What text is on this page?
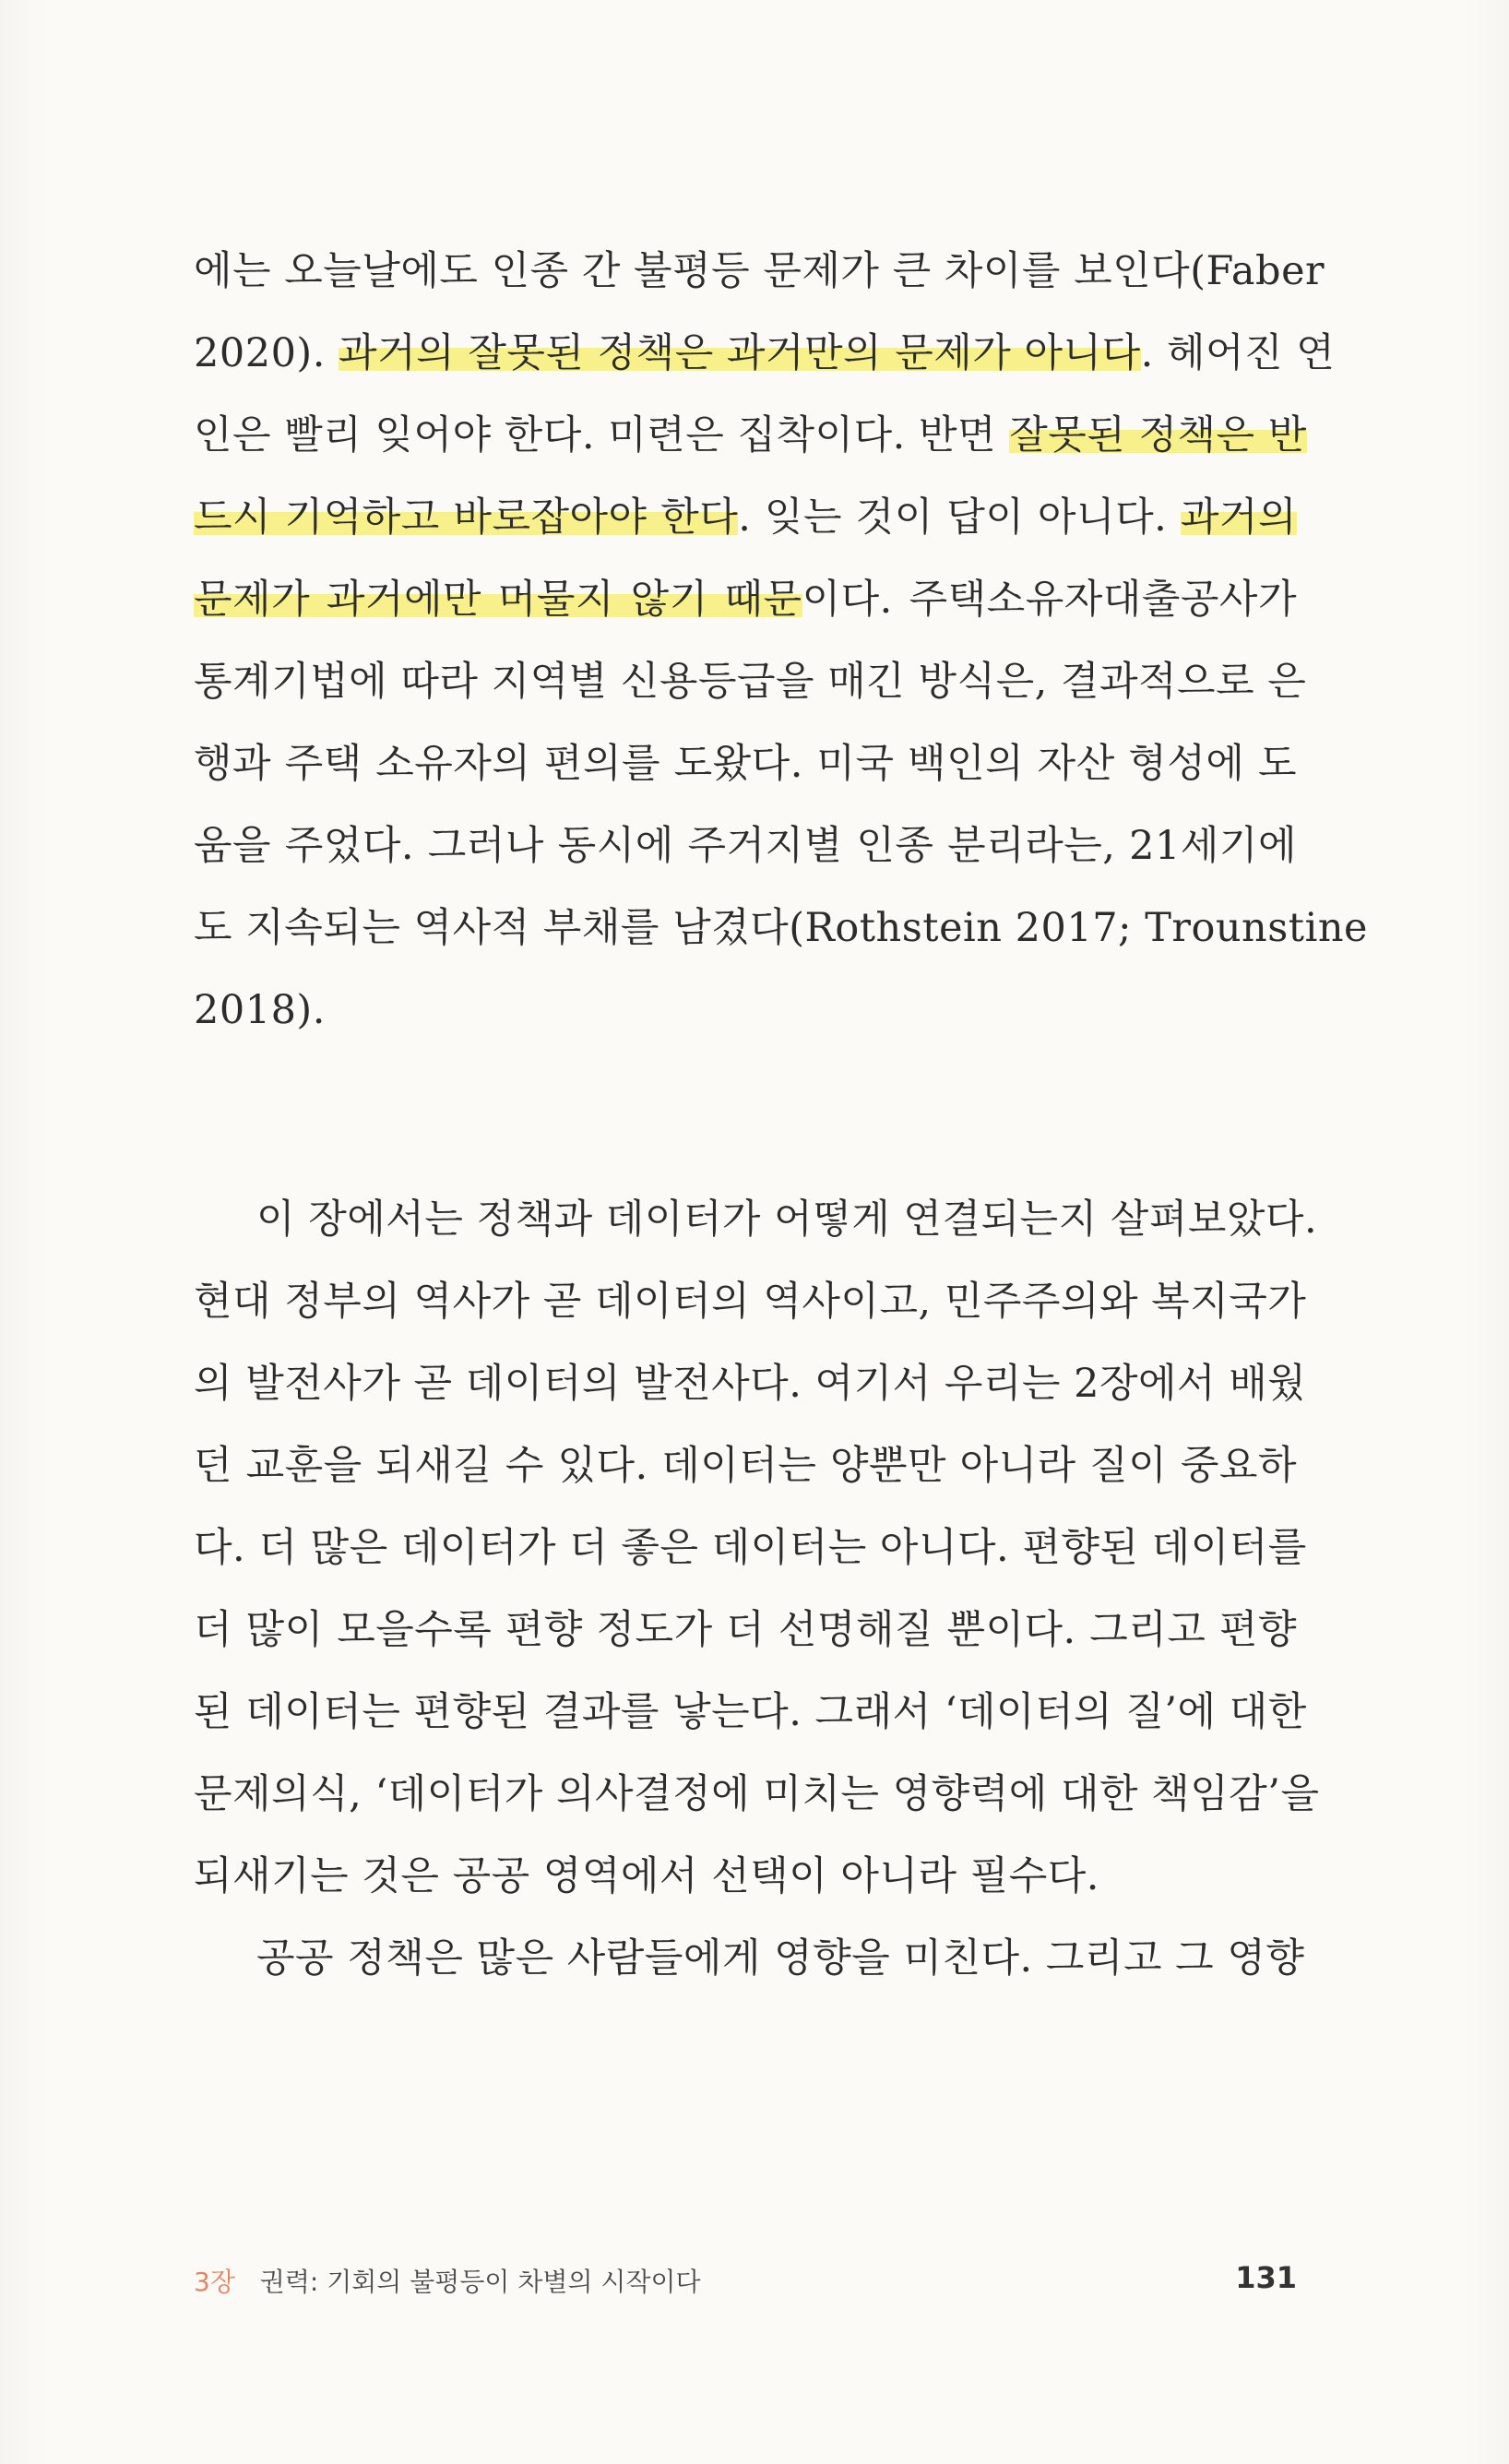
에는 오늘날에도 인종 간 불평등 문제가 큰 차이를 보인다(Faber
2020). 과거의 잘못된 정책은 과거만의 문제가 아니다. 헤어진 연
인은 빨리 잊어야 한다. 미련은 집착이다. 반면 잘못된 정책은 반
드시 기억하고 바로잡아야 한다. 잊는 것이 답이 아니다. 과거의
문제가 과거에만 머물지 않기 때문이다. 주택소유자대출공사가
통계기법에 따라 지역별 신용등급을 매긴 방식은, 결과적으로 은
행과 주택 소유자의 편의를 도왔다. 미국 백인의 자산 형성에 도
움을 주었다. 그러나 동시에 주거지별 인종 분리라는, 21세기에
도 지속되는 역사적 부채를 남겼다(Rothstein 2017; Trounstine
2018).
이 장에서는 정책과 데이터가 어떻게 연결되는지 살펴보았다.
현대 정부의 역사가 곧 데이터의 역사이고, 민주주의와 복지국가
의 발전사가 곧 데이터의 발전사다. 여기서 우리는 2장에서 배웠
던 교훈을 되새길 수 있다. 데이터는 양뿐만 아니라 질이 중요하
다. 더 많은 데이터가 더 좋은 데이터는 아니다. 편향된 데이터를
더 많이 모을수록 편향 정도가 더 선명해질 뿐이다. 그리고 편향
된 데이터는 편향된 결과를 낳는다. 그래서 ‘데이터의 질’에 대한
문제의식, ‘데이터가 의사결정에 미치는 영향력에 대한 책임감’을
되새기는 것은 공공 영역에서 선택이 아니라 필수다.
공공 정책은 많은 사람들에게 영향을 미친다. 그리고 그 영향
3장 권력: 기회의 불평등이 차별의 시작이다	131
